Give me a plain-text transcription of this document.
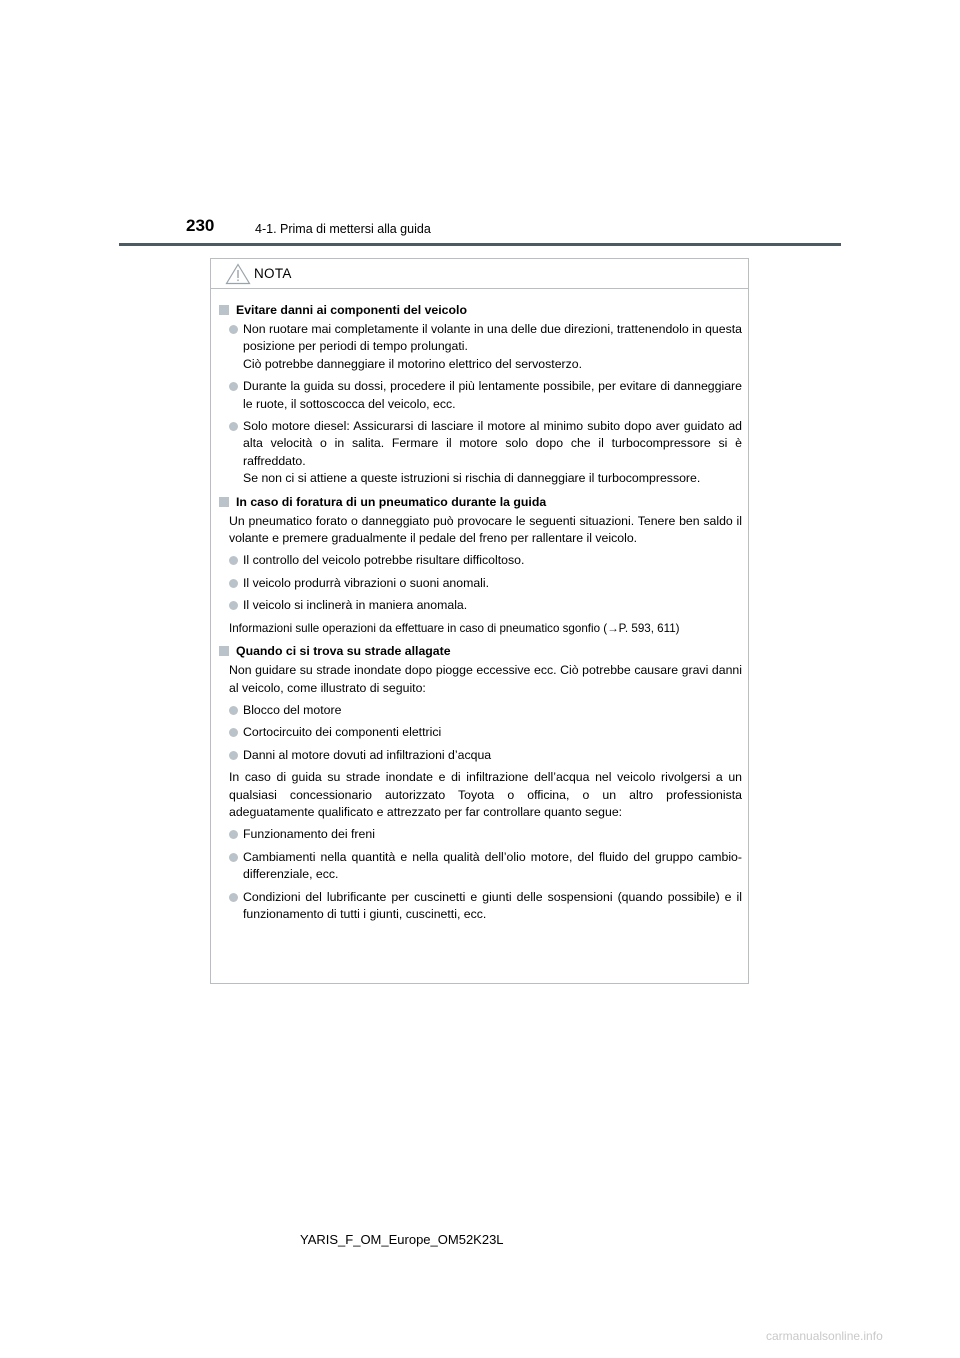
230	4-1. Prima di mettersi alla guida
NOTA
Evitare danni ai componenti del veicolo
Non ruotare mai completamente il volante in una delle due direzioni, trattenendolo in questa posizione per periodi di tempo prolungati.
Ciò potrebbe danneggiare il motorino elettrico del servosterzo.
Durante la guida su dossi, procedere il più lentamente possibile, per evitare di danneggiare le ruote, il sottoscocca del veicolo, ecc.
Solo motore diesel: Assicurarsi di lasciare il motore al minimo subito dopo aver guidato ad alta velocità o in salita. Fermare il motore solo dopo che il turbocompressore si è raffreddato.
Se non ci si attiene a queste istruzioni si rischia di danneggiare il turbocompressore.
In caso di foratura di un pneumatico durante la guida
Un pneumatico forato o danneggiato può provocare le seguenti situazioni. Tenere ben saldo il volante e premere gradualmente il pedale del freno per rallentare il veicolo.
Il controllo del veicolo potrebbe risultare difficoltoso.
Il veicolo produrrà vibrazioni o suoni anomali.
Il veicolo si inclinerà in maniera anomala.
Informazioni sulle operazioni da effettuare in caso di pneumatico sgonfio (→P. 593, 611)
Quando ci si trova su strade allagate
Non guidare su strade inondate dopo piogge eccessive ecc. Ciò potrebbe causare gravi danni al veicolo, come illustrato di seguito:
Blocco del motore
Cortocircuito dei componenti elettrici
Danni al motore dovuti ad infiltrazioni d’acqua
In caso di guida su strade inondate e di infiltrazione dell’acqua nel veicolo rivolgersi a un qualsiasi concessionario autorizzato Toyota o officina, o un altro professionista adeguatamente qualificato e attrezzato per far controllare quanto segue:
Funzionamento dei freni
Cambiamenti nella quantità e nella qualità dell’olio motore, del fluido del gruppo cambio-differenziale, ecc.
Condizioni del lubrificante per cuscinetti e giunti delle sospensioni (quando possibile) e il funzionamento di tutti i giunti, cuscinetti, ecc.
YARIS_F_OM_Europe_OM52K23L
carmanualsonline.info
